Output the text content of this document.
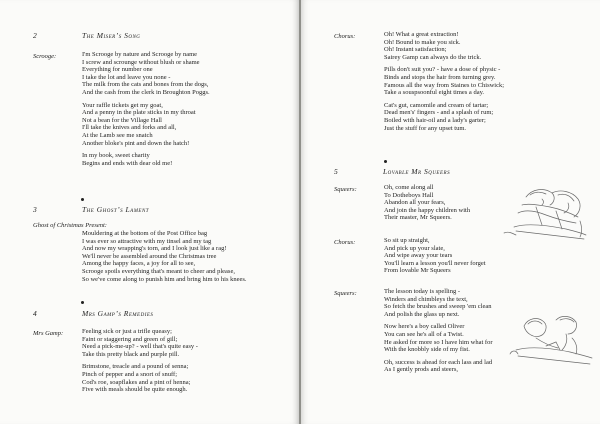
2	The Miser’s Song
Scrooge:	I'm Scrooge by nature and Scrooge by name
I screw and scrounge without blush or shame
Everything for number one
I take the lot and leave you none -
The milk from the cats and bones from the dogs,
And the cash from the clerk in Broughton Poggs.
Your raffle tickets get my goat,
And a penny in the plate sticks in my throat
Not a bean for the Village Hall
I'll take the knives and forks and all,
At the Lamb see me snatch
Another bloke's pint and down the hatch!
In my book, sweet charity
Begins and ends with dear old me!
3	The Ghost’s Lament
Ghost of Christmas Present:
Mouldering at the bottom of the Post Office bag
I was ever so attractive with my tinsel and my tag
And now my wrapping's torn, and I look just like a rag!
We'll never be assembled around the Christmas tree
Among the happy faces, a joy for all to see,
Scrooge spoils everything that's meant to cheer and please,
So we've come along to punish him and bring him to his knees.
4	Mrs Gamp’s Remedies
Mrs Gamp:	Feeling sick or just a trifle queasy;
Faint or staggering and green of gill;
Need a pick-me-up? - well that's quite easy -
Take this pretty black and purple pill.
Brimstone, treacle and a pound of senna;
Pinch of pepper and a snort of snuff;
Cod's roe, soapflakes and a pint of henna;
Five with meals should be quite enough.
Chorus:	Oh! What a great extraction!
Oh! Bound to make you sick.
Oh! Instant satisfaction;
Sairey Gamp can always do the trick.
Pills don't suit you? - have a dose of physic -
Binds and stops the hair from turning grey.
Famous all the way from Staines to Chiswick;
Take a souspsoonful eight times a day.
Cat's gut, camomile and cream of tartar;
Dead men's' fingers - and a splash of rum;
Boiled with hair-oil and a lady's garter;
Just the stuff for any upset tum.
5	Lovable Mr Squeers
Squeers:	Oh, come along all
To Dotheboys Hall
Abandon all your fears,
And join the happy children with
Their master, Mr Squeers.
Chorus:	So sit up straight,
And pick up your slate,
And wipe away your tears
You'll learn a lesson you'll never forget
From lovable Mr Squeers
Squeers:	The lesson today is spelling -
Winders and chimbleys the text,
So fetch the brushes and sweep 'em clean
And polish the glass up next.
Now here's a boy called Oliver
You can see he's all of a Twist.
He asked for more so I have him what for
With the knobbly side of my fist.
Oh, success is ahead for each lass and lad
As I gently prods and steers,
